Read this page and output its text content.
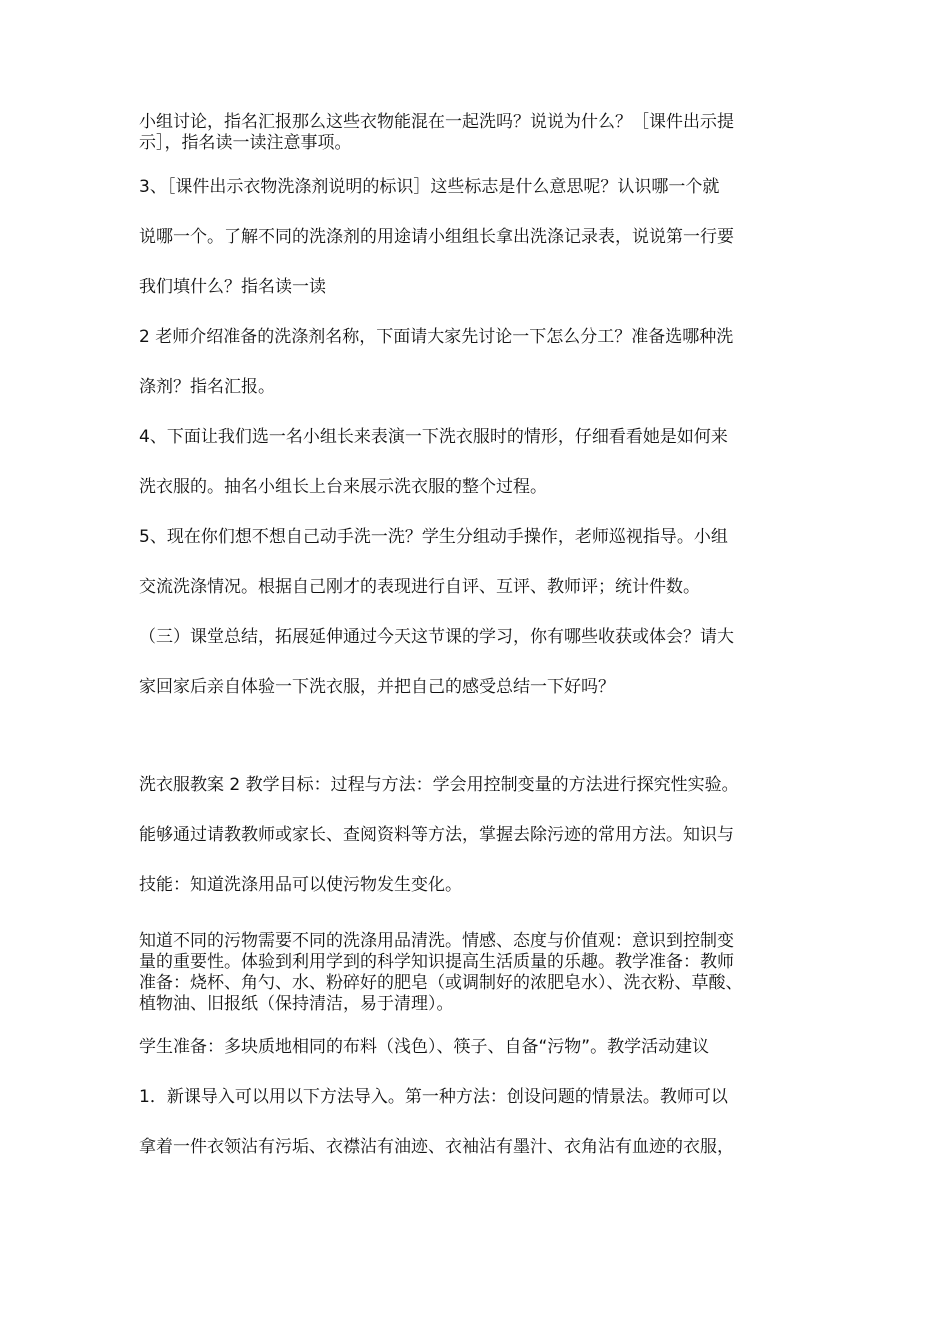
小组讨论，指名汇报那么这些衣物能混在一起洗吗？说说为什么？［课件出示提

示］，指名读一读注意事项。

3、［课件出示衣物洗涤剂说明的标识］这些标志是什么意思呢？认识哪一个就

说哪一个。了解不同的洗涤剂的用途请小组组长拿出洗涤记录表，说说第一行要

我们填什么？指名读一读

2 老师介绍准备的洗涤剂名称，下面请大家先讨论一下怎么分工？准备选哪种洗

涤剂？指名汇报。

4、下面让我们选一名小组长来表演一下洗衣服时的情形，仔细看看她是如何来

洗衣服的。抽名小组长上台来展示洗衣服的整个过程。

5、现在你们想不想自己动手洗一洗？学生分组动手操作，老师巡视指导。小组

交流洗涤情况。根据自己刚才的表现进行自评、互评、教师评；统计件数。

（三）课堂总结，拓展延伸通过今天这节课的学习，你有哪些收获或体会？请大

家回家后亲自体验一下洗衣服，并把自己的感受总结一下好吗？

洗衣服教案 2 教学目标：过程与方法：学会用控制变量的方法进行探究性实验。

能够通过请教教师或家长、查阅资料等方法，掌握去除污迹的常用方法。知识与

技能：知道洗涤用品可以使污物发生变化。

知道不同的污物需要不同的洗涤用品清洗。情感、态度与价值观：意识到控制变

量的重要性。体验到利用学到的科学知识提高生活质量的乐趣。教学准备：教师

准备：烧杯、角勺、水、粉碎好的肥皂（或调制好的浓肥皂水）、洗衣粉、草酸、

植物油、旧报纸（保持清洁，易于清理）。

学生准备：多块质地相同的布料（浅色）、筷子、自备“污物”。教学活动建议

1．新课导入可以用以下方法导入。第一种方法：创设问题的情景法。教师可以

拿着一件衣领沾有污垢、衣襟沾有油迹、衣袖沾有墨汁、衣角沾有血迹的衣服，
